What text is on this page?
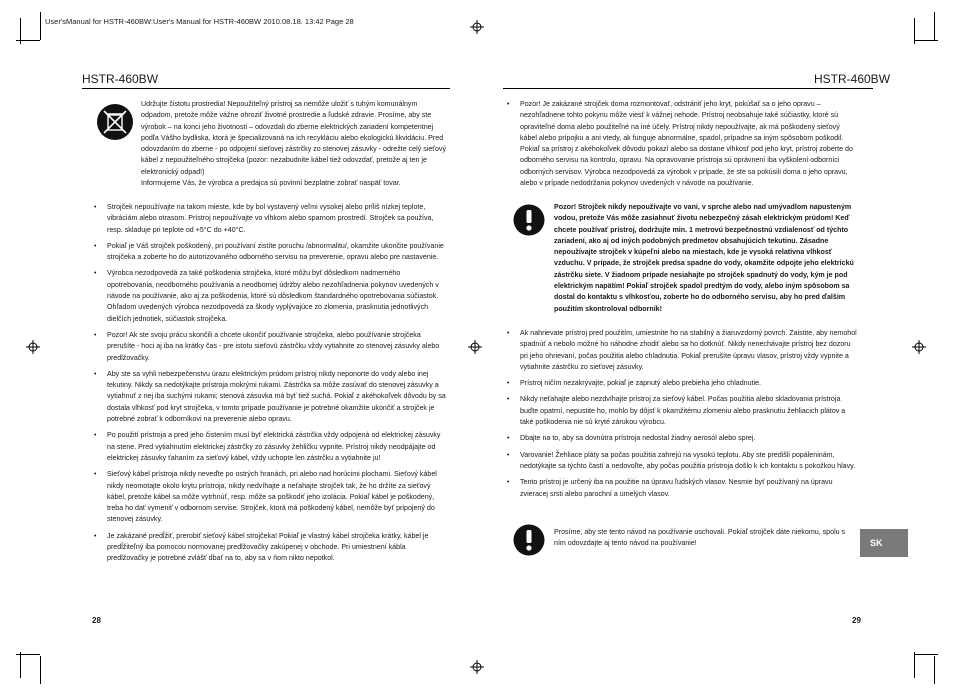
User'sManual for HSTR-460BW:User's Manual for HSTR-460BW 2010.08.18. 13:42 Page 28
HSTR-460BW

Udržujte čistotu prostredia! Nepoužiteľný prístroj sa nemôže uložiť s tuhým komunálnym odpadom, pretože môže vážne ohroziť životné prostredie a ľudské zdravie. Prosíme, aby ste výrobok – na konci jeho životnosti – odovzdali do zberne elektrických zariadení kompetentnej podľa Vášho bydliska, ktorá je špecializovaná na ich recykláciu alebo ekologickú likvidáciu. Pred odovzdaním do zberne - po odpojení sieťovej zástrčky zo stenovej zásuvky - odrežte celý sieťový kábel z nepoužiteľného strojčeka (pozor: nezabudnite kábel tiež odovzdať, pretože aj ten je elektronický odpad!)

Informujeme Vás, že výrobca a predajca sú povinní bezplatne zobrať naspäť tovar.

• Strojček nepoužívajte na takom mieste, kde by bol vystavený veľmi vysokej alebo príliš nízkej teplote, vibráciám alebo otrasom. Prístroj nepoužívajte vo vlhkom alebo sparnom prostredí. Strojček sa používa, resp. skladuje pri teplote od +5°C do +40°C.
• Pokiaľ je Váš strojček poškodený, pri používaní zistíte poruchu /abnormalitu/, okamžite ukončite používanie strojčeka a zoberte ho do autorizovaného odborného servisu na preverenie, opravu alebo pre nastavenie.
• Výrobca nezodpovedá za také poškodenia strojčeka, ktoré môžu byť dôsledkom nadmerného opotrebovania, neodborného používania a neodbornej údržby alebo nezohľadnenia pokynov uvedených v návode na používanie, ako aj za poškodenia, ktoré sú dôsledkom štandardného opotrebovania súčiastok. Ohľadom uvedených výrobca nezodpovedá za škody vyplývajúce zo zlomenia, prasknutia jednotlivých dielčích jednotiek, súčiastok strojčeka.
• Pozor! Ak ste svoju prácu skončili a chcete ukončiť používanie strojčeka, alebo používanie strojčeka prerušíte - hoci aj iba na krátky čas - pre istotu sieťovú zástrčku vždy vytiahnite zo stenovej zásuvky alebo predlžovačky.
• Aby ste sa vyhli nebezpečenstvu úrazu elektrickým prúdom prístroj nikdy neponorte do vody alebo inej tekutiny. Nikdy sa nedotýkajte prístroja mokrými rukami. Zástrčka sa môže zasúvať do stenovej zásuvky a vytiahnuť z nej iba suchými rukami; stenová zásuvka má byť tiež suchá. Pokiaľ z akéhokoľvek dôvodu by sa dostala vlhkosť pod kryt strojčeka, v tomto prípade používanie je potrebné okamžite ukončiť a strojček je potrebné zobrať k odborníkovi na preverenie alebo opravu.
• Po použití prístroja a pred jeho čistením musí byť elektrická zástrčka vždy odpojená od elektrickej zásuvky na stene. Pred vytiahnutím elektrickej zástrčky zo zásuvky žehličku vypnite. Prístroj nikdy neodpájajte od elektrickej zásuvky ťahaním za sieťový kábel, vždy uchopte len zástrčku a vytiahnite ju!
• Sieťový kábel prístroja nikdy neveďte po ostrých hranách, pri alebo nad horúcimi plochami. Sieťový kábel nikdy neomotajte okolo krytu prístroja, nikdy nedvíhajte a neťahajte strojček tak, že ho držíte za sieťový kábel, pretože kábel sa môže vytrhnúť, resp. môže sa poškodiť jeho izolácia. Pokiaľ kábel je poškodený, treba ho dať vymeniť v odbornom servise. Strojček, ktorá má poškodený kábel, nemôže byť pripojený do stenovej zásuvky.
• Je zakázané predĺžiť, prerobiť sieťový kábel strojčeka! Pokiaľ je vlastný kábel strojčeka krátky, kábel je predĺžiteľný iba pomocou normovanej predlžovačky zakúpenej v obchode. Pri umiestnení kábla predlžovačky je potrebné zvlášť dbať na to, aby sa v ňom nikto nepotkol.
28
HSTR-460BW
• Pozor! Je zakázané strojček doma rozmontovať, odstrániť jeho kryt, pokúšať sa o jeho opravu – nezohľadnene tohto pokynu môže viesť k vážnej nehode. Prístroj neobsahuje také súčiastky, ktoré sú opraviteľné doma alebo použiteľné na iné účely. Prístroj nikdy nepoužívajte, ak má poškodený sieťový kábel alebo prípojku a ani vtedy, ak funguje abnormálne, spadol, prípadne sa iným spôsobom poškodil. Pokiaľ sa prístroj z akéhokoľvek dôvodu pokazí alebo sa dostane vlhkosť pod jeho kryt, prístroj zoberte do odborného servisu na kontrolu, opravu. Na opravovanie prístroja sú oprávnení iba vyškolení odborníci odborných servisov. Výrobca nezodpovedá za výrobok v prípade, že ste sa pokúsili doma o jeho opravu, alebo v prípade nedodržania pokynov uvedených v návode na používanie.
Pozor! Strojček nikdy nepoužívajte vo vani, v sprche alebo nad umývadlom napusteným vodou, pretože Vás môže zasiahnuť životu nebezpečný zásah elektrickým prúdom! Keď chcete používať prístroj, dodržujte min. 1 metrovú bezpečnostnú vzdialenosť od týchto zariadení, ako aj od iných podobných predmetov obsahujúcich tekutinu. Zásadne nepoužívajte strojček v kúpeľni alebo na miestach, kde je vysoká relatívna vlhkosť vzduchu. V prípade, že strojček predsa spadne do vody, okamžite odpojte jeho elektrickú zástrčku siete. V žiadnom prípade nesiahajte po strojček spadnutý do vody, kým je pod elektrickým napätím! Pokiaľ strojček spadol predtým do vody, alebo iným spôsobom sa dostal do kontaktu s vlhkosťou, zoberte ho do odborného servisu, aby ho pred ďalším použitím skontroloval odborník!
• Ak nahrievate prístroj pred použitím, umiestnite ho na stabilný a žiaruvzdorný povrch. Zaistite, aby nemohol spadnúť a nebolo možné ho náhodne zhodiť alebo sa ho dotknúť. Nikdy nenechávajte prístroj bez dozoru pri jeho ohrievaní, počas použitia alebo chladnutia. Pokiaľ prerušíte úpravu vlasov, prístroj vždy vypnite a vytiahnite zástrčku zo sieťovej zásuvky.
• Prístroj ničím nezakrývajte, pokiaľ je zapnutý alebo prebieha jeho chladnutie.
• Nikdy neťahajte alebo nezdvíhajte prístroj za sieťový kábel. Počas použitia alebo skladovania prístroja buďte opatrní, nepustite ho, mohlo by dôjsť k okamžitému zlomeniu alebo prasknutiu žehliacich plátov a také poškodenia nie sú kryté zárukou výrobcu.
• Dbajte na to, aby sa dovnútra prístroja nedostal žiadny aerosól alebo sprej.
• Varovanie! Žehliace pláty sa počas použitia zahrejú na vysokú teplotu. Aby ste predišli popáleninám, nedotýkajte sa týchto častí a nedovoľte, aby počas použitia prístroja došlo k ich kontaktu s pokožkou hlavy.
• Tento prístroj je určený iba na použitie na úpravu ľudských vlasov. Nesmie byť používaný na úpravu zvieracej srsti alebo parochní a umelých vlasov.
Prosíme, aby ste tento návod na používanie uschovali. Pokiaľ strojček dáte niekomu, spolu s ním odovzdajte aj tento návod na používanie!	SK
29
